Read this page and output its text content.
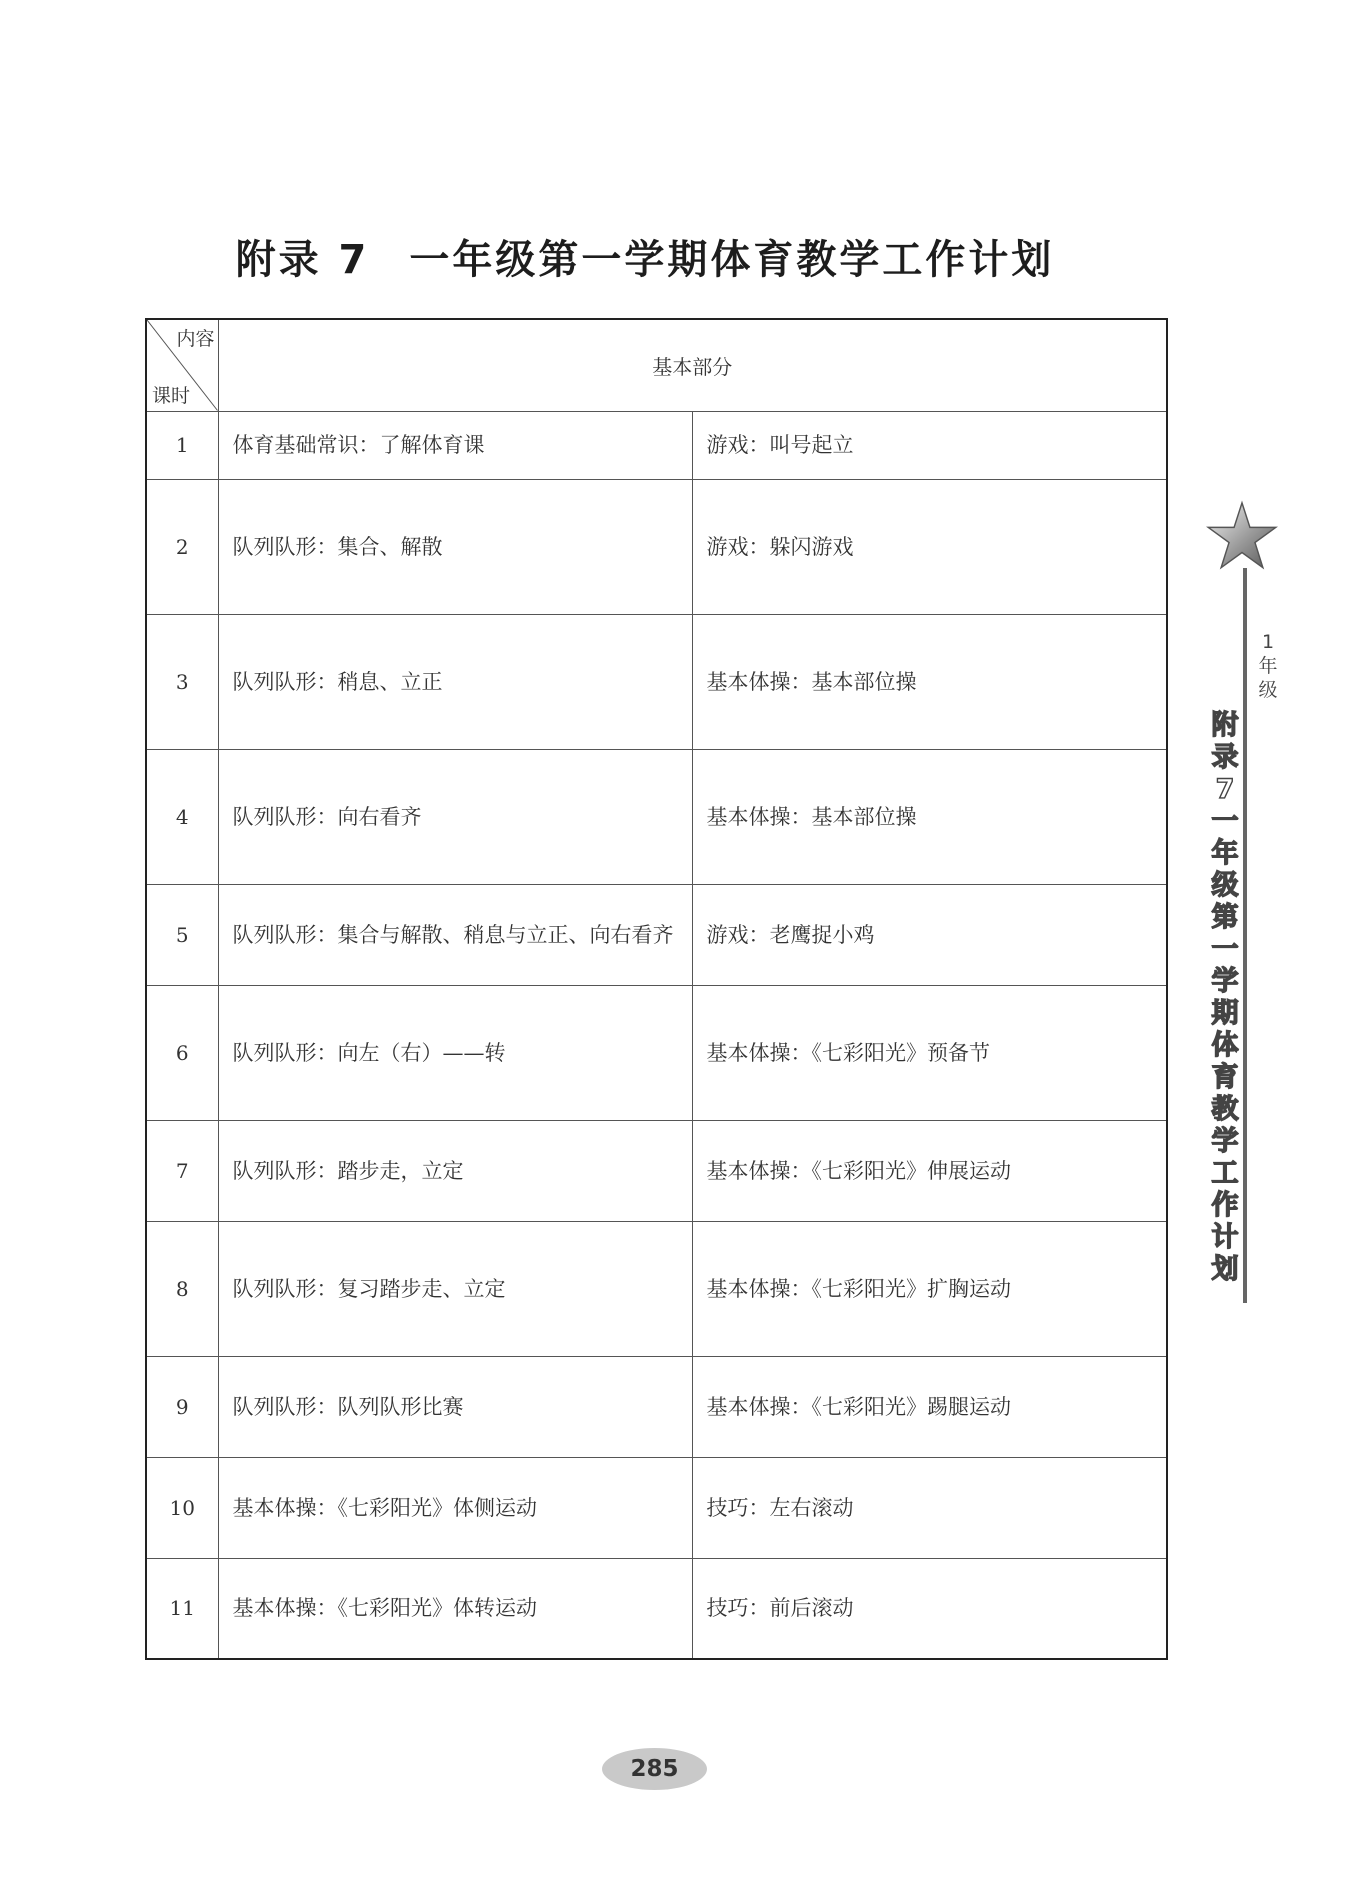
附录 7 一年级第一学期体育教学工作计划
内容
课时	基本部分	
1	体育基础常识：了解体育课	游戏：叫号起立
2	队列队形：集合、解散	游戏：躲闪游戏
3	队列队形：稍息、立正	基本体操：基本部位操
4	队列队形：向右看齐	基本体操：基本部位操
5	队列队形：集合与解散、稍息与立正、向右看齐	游戏：老鹰捉小鸡
6	队列队形：向左（右）——转	基本体操：《七彩阳光》预备节
7	队列队形：踏步走，立定	基本体操：《七彩阳光》伸展运动
8	队列队形：复习踏步走、立定	基本体操：《七彩阳光》扩胸运动
9	队列队形：队列队形比赛	基本体操：《七彩阳光》踢腿运动
10	基本体操：《七彩阳光》体侧运动	技巧：左右滚动
11	基本体操：《七彩阳光》体转运动	技巧：前后滚动
1年级
附录7 一年级第一学期体育教学工作计划
285
